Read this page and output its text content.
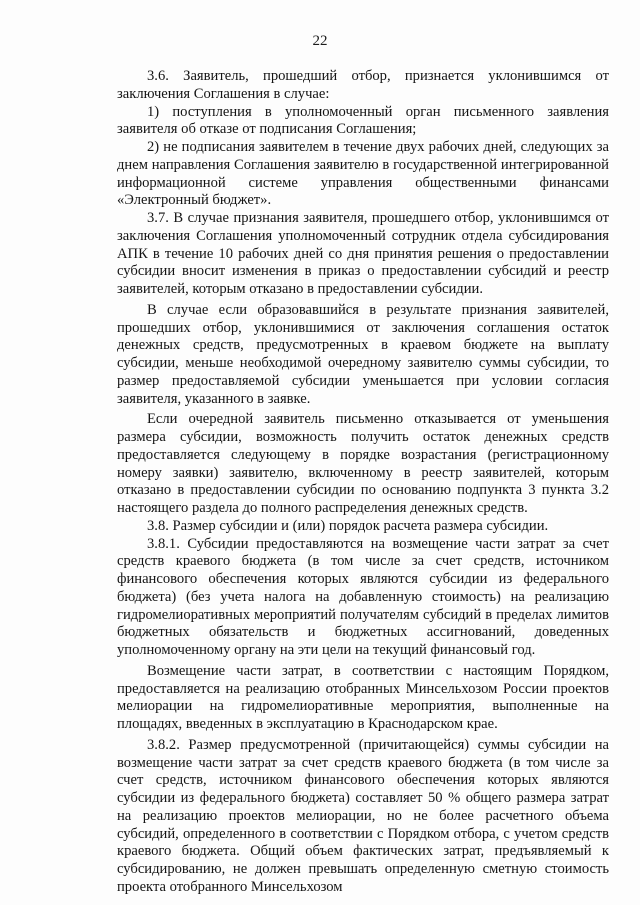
22

3.6. Заявитель, прошедший отбор, признается уклонившимся от заключения Соглашения в случае:

1) поступления в уполномоченный орган письменного заявления заявителя об отказе от подписания Соглашения;

2) не подписания заявителем в течение двух рабочих дней, следующих за днем направления Соглашения заявителю в государственной интегрированной информационной системе управления общественными финансами «Электронный бюджет».

3.7. В случае признания заявителя, прошедшего отбор, уклонившимся от заключения Соглашения уполномоченный сотрудник отдела субсидирования АПК в течение 10 рабочих дней со дня принятия решения о предоставлении субсидии вносит изменения в приказ о предоставлении субсидий и реестр заявителей, которым отказано в предоставлении субсидии.

В случае если образовавшийся в результате признания заявителей, прошедших отбор, уклонившимися от заключения соглашения остаток денежных средств, предусмотренных в краевом бюджете на выплату субсидии, меньше необходимой очередному заявителю суммы субсидии, то размер предоставляемой субсидии уменьшается при условии согласия заявителя, указанного в заявке.

Если очередной заявитель письменно отказывается от уменьшения размера субсидии, возможность получить остаток денежных средств предоставляется следующему в порядке возрастания (регистрационному номеру заявки) заявителю, включенному в реестр заявителей, которым отказано в предоставлении субсидии по основанию подпункта 3 пункта 3.2 настоящего раздела до полного распределения денежных средств.

3.8. Размер субсидии и (или) порядок расчета размера субсидии.

3.8.1. Субсидии предоставляются на возмещение части затрат за счет средств краевого бюджета (в том числе за счет средств, источником финансового обеспечения которых являются субсидии из федерального бюджета) (без учета налога на добавленную стоимость) на реализацию гидромелиоративных мероприятий получателям субсидий в пределах лимитов бюджетных обязательств и бюджетных ассигнований, доведенных уполномоченному органу на эти цели на текущий финансовый год.

Возмещение части затрат, в соответствии с настоящим Порядком, предоставляется на реализацию отобранных Минсельхозом России проектов мелиорации на гидромелиоративные мероприятия, выполненные на площадях, введенных в эксплуатацию в Краснодарском крае.

3.8.2. Размер предусмотренной (причитающейся) суммы субсидии на возмещение части затрат за счет средств краевого бюджета (в том числе за счет средств, источником финансового обеспечения которых являются субсидии из федерального бюджета) составляет 50 % общего размера затрат на реализацию проектов мелиорации, но не более расчетного объема субсидий, определенного в соответствии с Порядком отбора, с учетом средств краевого бюджета. Общий объем фактических затрат, предъявляемый к субсидированию, не должен превышать определенную сметную стоимость проекта отобранного Минсельхозом
